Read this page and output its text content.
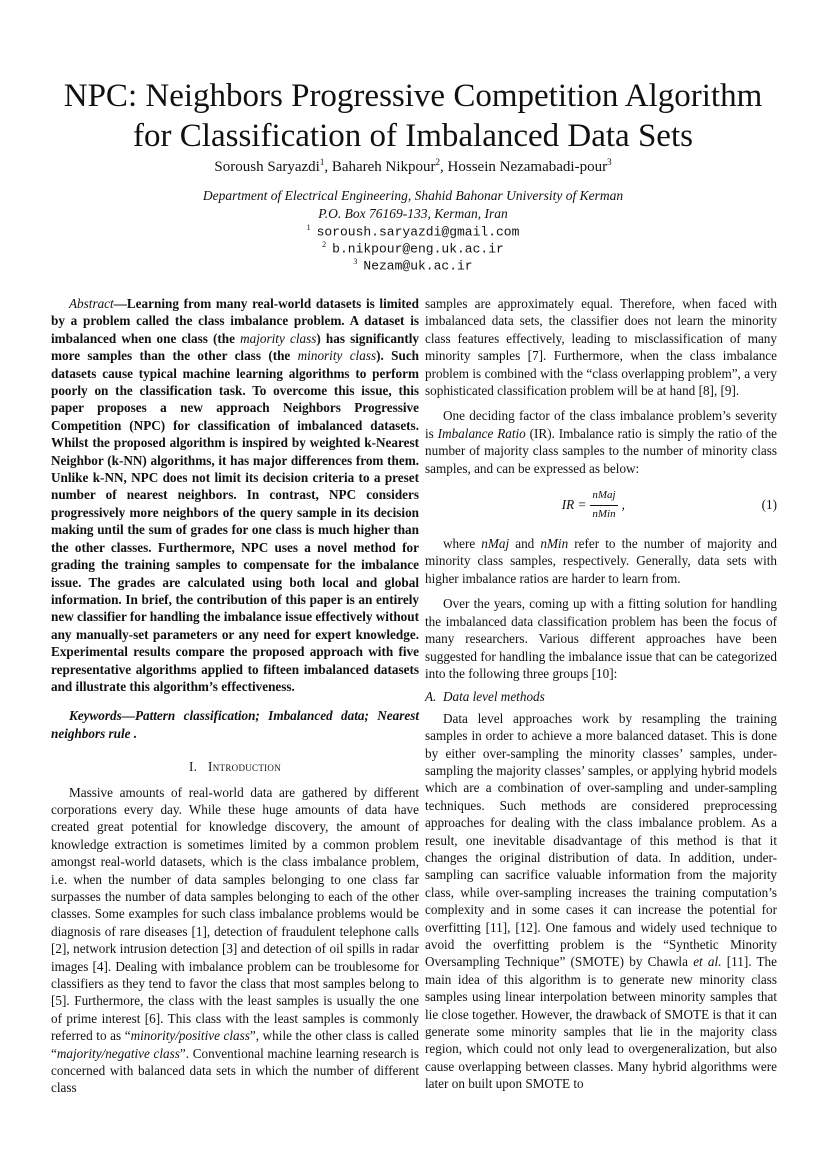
NPC: Neighbors Progressive Competition Algorithm
for Classification of Imbalanced Data Sets
Soroush Saryazdi$^1$, Bahareh Nikpour$^2$, Hossein Nezamabadi-pour$^3$
Department of Electrical Engineering, Shahid Bahonar University of Kerman
P.O. Box 76169-133, Kerman, Iran
$^1$ soroush.saryazdi@gmail.com
$^2$ b.nikpour@eng.uk.ac.ir
$^3$ Nezam@uk.ac.ir

Abstract—Learning from many real-world datasets is limited by a problem called the class imbalance problem. A dataset is imbalanced when one class (the majority class) has significantly more samples than the other class (the minority class). Such datasets cause typical machine learning algorithms to perform poorly on the classification task. To overcome this issue, this paper proposes a new approach Neighbors Progressive Competition (NPC) for classification of imbalanced datasets. Whilst the proposed algorithm is inspired by weighted k-Nearest Neighbor (k-NN) algorithms, it has major differences from them. Unlike k-NN, NPC does not limit its decision criteria to a preset number of nearest neighbors. In contrast, NPC considers progressively more neighbors of the query sample in its decision making until the sum of grades for one class is much higher than the other classes. Furthermore, NPC uses a novel method for grading the training samples to compensate for the imbalance issue. The grades are calculated using both local and global information. In brief, the contribution of this paper is an entirely new classifier for handling the imbalance issue effectively without any manually-set parameters or any need for expert knowledge. Experimental results compare the proposed approach with five representative algorithms applied to fifteen imbalanced datasets and illustrate this algorithm’s effectiveness.

Keywords—Pattern classification; Imbalanced data; Nearest neighbors rule .

I. Introduction

Massive amounts of real-world data are gathered by different corporations every day. While these huge amounts of data have created great potential for knowledge discovery, the amount of knowledge extraction is sometimes limited by a common problem amongst real-world datasets, which is the class imbalance problem, i.e. when the number of data samples belonging to one class far surpasses the number of data samples belonging to each of the other classes. Some examples for such class imbalance problems would be diagnosis of rare diseases [1], detection of fraudulent telephone calls [2], network intrusion detection [3] and detection of oil spills in radar images [4]. Dealing with imbalance problem can be troublesome for classifiers as they tend to favor the class that most samples belong to [5]. Furthermore, the class with the least samples is usually the one of prime interest [6]. This class with the least samples is commonly referred to as “minority/positive class”, while the other class is called “majority/negative class”. Conventional machine learning research is concerned with balanced data sets in which the number of different class

samples are approximately equal. Therefore, when faced with imbalanced data sets, the classifier does not learn the minority class features effectively, leading to misclassification of many minority samples [7]. Furthermore, when the class imbalance problem is combined with the “class overlapping problem”, a very sophisticated classification problem will be at hand [8], [9].

One deciding factor of the class imbalance problem’s severity is Imbalance Ratio (IR). Imbalance ratio is simply the ratio of the number of majority class samples to the number of minority class samples, and can be expressed as below:

IR = $\frac{\text{nMaj}}{\text{nMin}}$ ,	(1)

where nMaj and nMin refer to the number of majority and minority class samples, respectively. Generally, data sets with higher imbalance ratios are harder to learn from.

Over the years, coming up with a fitting solution for handling the imbalanced data classification problem has been the focus of many researchers. Various different approaches have been suggested for handling the imbalance issue that can be categorized into the following three groups [10]:

A. Data level methods

Data level approaches work by resampling the training samples in order to achieve a more balanced dataset. This is done by either over-sampling the minority classes’ samples, under-sampling the majority classes’ samples, or applying hybrid models which are a combination of over-sampling and under-sampling techniques. Such methods are considered preprocessing approaches for dealing with the class imbalance problem. As a result, one inevitable disadvantage of this method is that it changes the original distribution of data. In addition, under-sampling can sacrifice valuable information from the majority class, while over-sampling increases the training computation’s complexity and in some cases it can increase the potential for overfitting [11], [12]. One famous and widely used technique to avoid the overfitting problem is the “Synthetic Minority Oversampling Technique” (SMOTE) by Chawla et al. [11]. The main idea of this algorithm is to generate new minority class samples using linear interpolation between minority samples that lie close together. However, the drawback of SMOTE is that it can generate some minority samples that lie in the majority class region, which could not only lead to overgeneralization, but also cause overlapping between classes. Many hybrid algorithms were later on built upon SMOTE to
